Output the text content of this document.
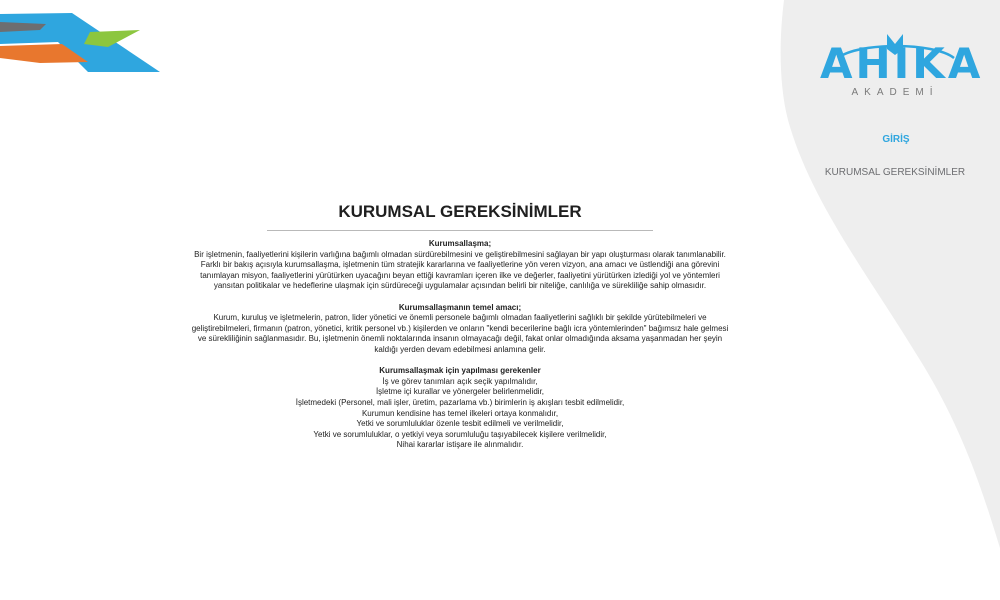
AHIKA
AKADEMİ
GİRİŞ
KURUMSAL GEREKSİNİMLER
KURUMSAL GEREKSİNİMLER
Kurumsallaşma;

Bir işletmenin, faaliyetlerini kişilerin varlığına bağımlı olmadan sürdürebilmesini ve geliştirebilmesini sağlayan bir yapı oluşturması olarak tanımlanabilir. Farklı bir bakış açısıyla kurumsallaşma, işletmenin tüm stratejik kararlarına ve faaliyetlerine yön veren vizyon, ana amacı ve üstlendiği ana görevini tanımlayan misyon, faaliyetlerini yürütürken uyacağını beyan ettiği kavramları içeren ilke ve değerler, faaliyetini yürütürken izlediği yol ve yöntemleri yansıtan politikalar ve hedeflerine ulaşmak için sürdüreceği uygulamalar açısından belirli bir niteliğe, canlılığa ve sürekliliğe sahip olmasıdır.

Kurumsallaşmanın temel amacı;

Kurum, kuruluş ve işletmelerin, patron, lider yönetici ve önemli personele bağımlı olmadan faaliyetlerini sağlıklı bir şekilde yürütebilmeleri ve geliştirebilmeleri, firmanın (patron, yönetici, kritik personel vb.) kişilerden ve onların "kendi becerilerine bağlı icra yöntemlerinden" bağımsız hale gelmesi ve sürekliliğinin sağlanmasıdır. Bu, işletmenin önemli noktalarında insanın olmayacağı değil, fakat onlar olmadığında aksama yaşanmadan her şeyin kaldığı yerden devam edebilmesi anlamına gelir.

Kurumsallaşmak için yapılması gerekenler
İş ve görev tanımları açık seçik yapılmalıdır,
İşletme içi kurallar ve yönergeler belirlenmelidir,
İşletmedeki (Personel, mali işler, üretim, pazarlama vb.) birimlerin iş akışları tesbit edilmelidir,
Kurumun kendisine has temel ilkeleri ortaya konmalıdır,
Yetki ve sorumluluklar özenle tesbit edilmeli ve verilmelidir,
Yetki ve sorumluluklar, o yetkiyi veya sorumluluğu taşıyabilecek kişilere verilmelidir,
Nihai kararlar istişare ile alınmalıdır.
